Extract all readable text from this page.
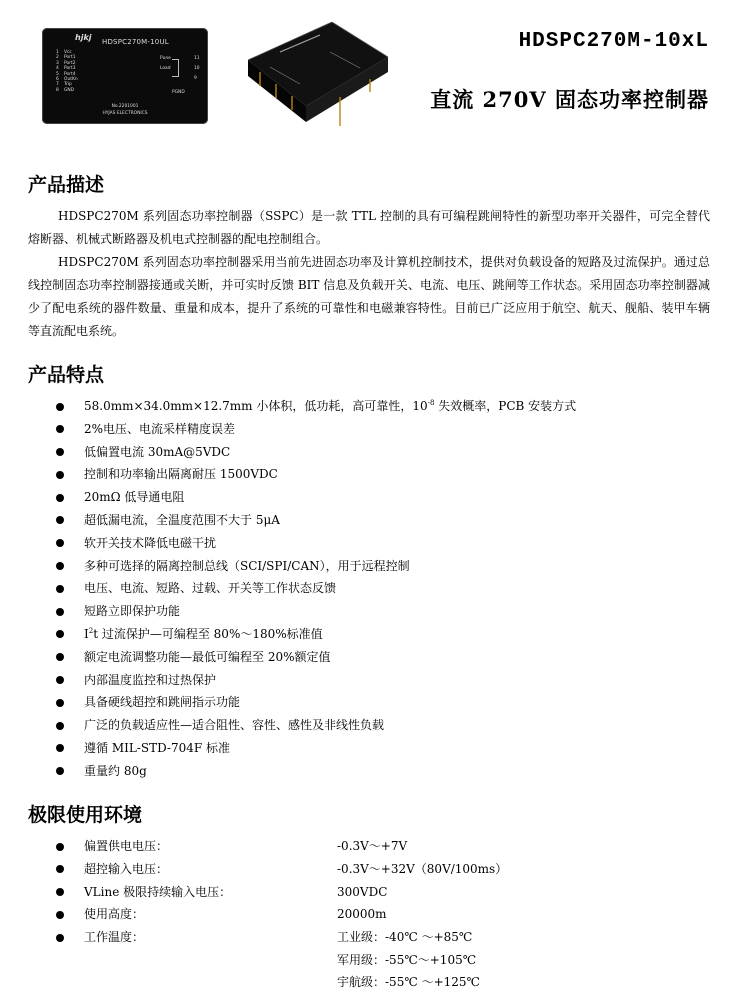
hjkj HDSPC270M-10UL
1
2
3
4
5
6
7
8
Vcc
Port1
Port2
Port3
Port4
OutKn
Trip
GND
Pune
Load
11
10
9
PGND
No.2201001
HYJAS ELECTRONICS
HDSPC270M-10xL
直流 270V 固态功率控制器
产品描述

HDSPC270M 系列固态功率控制器（SSPC）是一款 TTL 控制的具有可编程跳闸特性的新型功率开关器件，可完全替代熔断器、机械式断路器及机电式控制器的配电控制组合。

HDSPC270M 系列固态功率控制器采用当前先进固态功率及计算机控制技术，提供对负载设备的短路及过流保护。通过总线控制固态功率控制器接通或关断，并可实时反馈 BIT 信息及负载开关、电流、电压、跳闸等工作状态。采用固态功率控制器减少了配电系统的器件数量、重量和成本，提升了系统的可靠性和电磁兼容特性。目前已广泛应用于航空、航天、舰船、装甲车辆等直流配电系统。

产品特点
58.0mm×34.0mm×12.7mm 小体积，低功耗，高可靠性，$10^{-8}$ 失效概率，PCB 安装方式
2%电压、电流采样精度误差
低偏置电流 30mA@5VDC
控制和功率输出隔离耐压 1500VDC
20mΩ 低导通电阻
超低漏电流，全温度范围不大于 5μA
软开关技术降低电磁干扰
多种可选择的隔离控制总线（SCI/SPI/CAN），用于远程控制
电压、电流、短路、过载、开关等工作状态反馈
短路立即保护功能
$I^2t$ 过流保护—可编程至 80%～180%标准值
额定电流调整功能—最低可编程至 20%额定值
内部温度监控和过热保护
具备硬线超控和跳闸指示功能
广泛的负载适应性—适合阻性、容性、感性及非线性负载
遵循 MIL-STD-704F 标准
重量约 80g
极限使用环境
偏置供电电压：	-0.3V～+7V
超控输入电压：	-0.3V～+32V（80V/100ms）
VLine 极限持续输入电压：	300VDC
使用高度：	20000m
工作温度：	工业级：-40℃ ～+85℃
军用级：-55℃～+105℃
宇航级：-55℃ ～+125℃
